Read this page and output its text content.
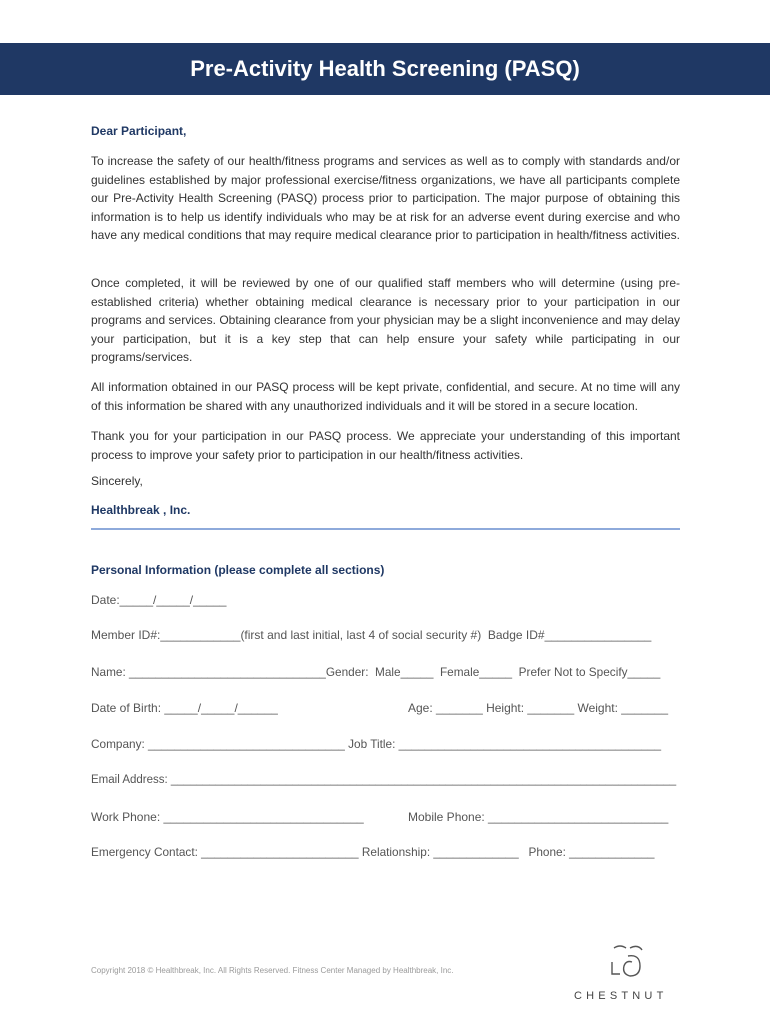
Pre-Activity Health Screening (PASQ)
Dear Participant,
To increase the safety of our health/fitness programs and services as well as to comply with standards and/or guidelines established by major professional exercise/fitness organizations, we have all participants complete our Pre-Activity Health Screening (PASQ) process prior to participation. The major purpose of obtaining this information is to help us identify individuals who may be at risk for an adverse event during exercise and who have any medical conditions that may require medical clearance prior to participation in health/fitness activities.
Once completed, it will be reviewed by one of our qualified staff members who will determine (using pre-established criteria) whether obtaining medical clearance is necessary prior to your participation in our programs and services. Obtaining clearance from your physician may be a slight inconvenience and may delay your participation, but it is a key step that can help ensure your safety while participating in our programs/services.
All information obtained in our PASQ process will be kept private, confidential, and secure. At no time will any of this information be shared with any unauthorized individuals and it will be stored in a secure location.
Thank you for your participation in our PASQ process. We appreciate your understanding of this important process to improve your safety prior to participation in our health/fitness activities.
Sincerely,
Healthbreak , Inc.
Personal Information (please complete all sections)
Date:_____/_____/_____
Member ID#:____________(first and last initial, last 4 of social security #)  Badge ID#________________
Name: ______________________________Gender:  Male_____  Female_____  Prefer Not to Specify_____
Date of Birth: _____/_____/______	Age: _______ Height: _______ Weight: _______
Company: ______________________________ Job Title: ________________________________________
Email Address: _______________________________________________________________________________
Work Phone: ______________________________	Mobile Phone: ___________________________
Emergency Contact: ________________________ Relationship: _____________   Phone: _____________
Copyright 2018 © Healthbreak, Inc. All Rights Reserved. Fitness Center Managed by Healthbreak, Inc.
CHESTNUT
